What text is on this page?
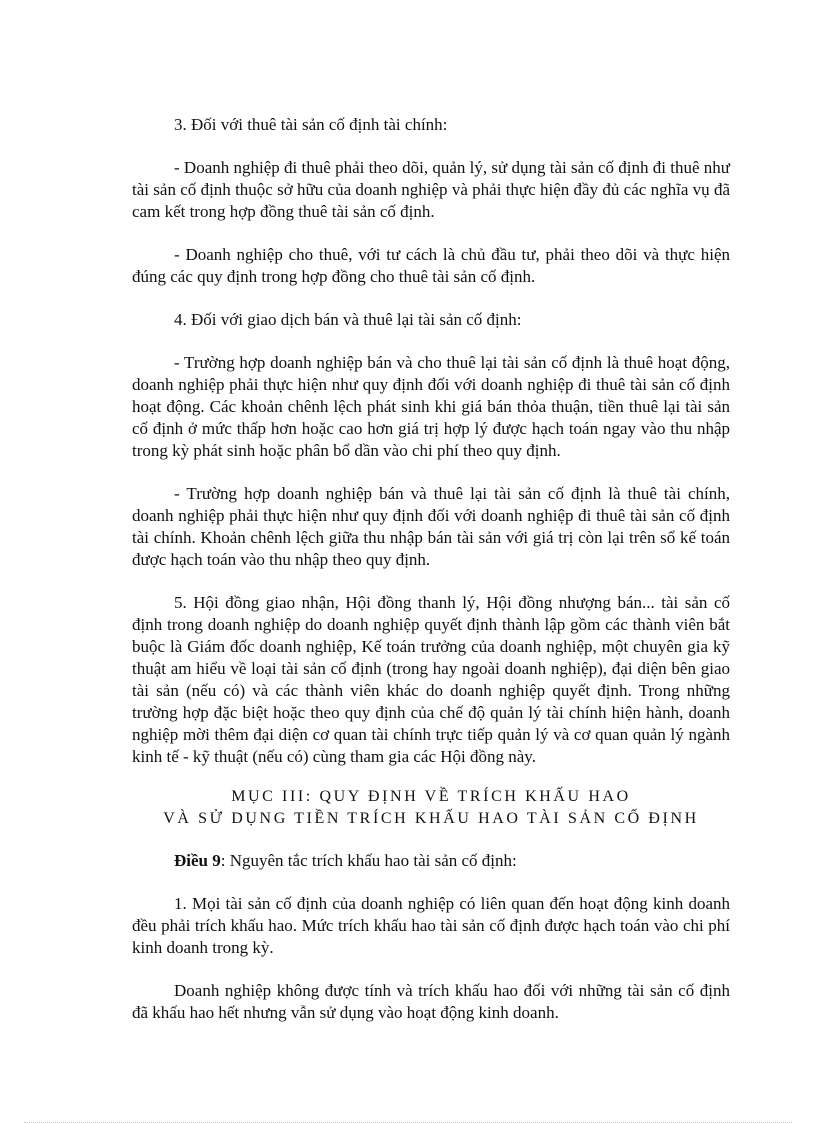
3. Đối với thuê tài sản cố định tài chính:

- Doanh nghiệp đi thuê phải theo dõi, quản lý, sử dụng tài sản cố định đi thuê như tài sản cố định thuộc sở hữu của doanh nghiệp và phải thực hiện đầy đủ các nghĩa vụ đã cam kết trong hợp đồng thuê tài sản cố định.

- Doanh nghiệp cho thuê, với tư cách là chủ đầu tư, phải theo dõi và thực hiện đúng các quy định trong hợp đồng cho thuê tài sản cố định.

4. Đối với giao dịch bán và thuê lại tài sản cố định:

- Trường hợp doanh nghiệp bán và cho thuê lại tài sản cố định là thuê hoạt động, doanh nghiệp phải thực hiện như quy định đối với doanh nghiệp đi thuê tài sản cố định hoạt động. Các khoản chênh lệch phát sinh khi giá bán thỏa thuận, tiền thuê lại tài sản cố định ở mức thấp hơn hoặc cao hơn giá trị hợp lý được hạch toán ngay vào thu nhập trong kỳ phát sinh hoặc phân bổ dần vào chi phí theo quy định.

- Trường hợp doanh nghiệp bán và thuê lại tài sản cố định là thuê tài chính, doanh nghiệp phải thực hiện như quy định đối với doanh nghiệp đi thuê tài sản cố định tài chính. Khoản chênh lệch giữa thu nhập bán tài sản với giá trị còn lại trên sổ kế toán được hạch toán vào thu nhập theo quy định.

5. Hội đồng giao nhận, Hội đồng thanh lý, Hội đồng nhượng bán... tài sản cố định trong doanh nghiệp do doanh nghiệp quyết định thành lập gồm các thành viên bắt buộc là Giám đốc doanh nghiệp, Kế toán trưởng của doanh nghiệp, một chuyên gia kỹ thuật am hiểu về loại tài sản cố định (trong hay ngoài doanh nghiệp), đại diện bên giao tài sản (nếu có) và các thành viên khác do doanh nghiệp quyết định. Trong những trường hợp đặc biệt hoặc theo quy định của chế độ quản lý tài chính hiện hành, doanh nghiệp mời thêm đại diện cơ quan tài chính trực tiếp quản lý và cơ quan quản lý ngành kinh tế - kỹ thuật (nếu có) cùng tham gia các Hội đồng này.

MỤC III: QUY ĐỊNH VỀ TRÍCH KHẤU HAO
VÀ SỬ DỤNG TIỀN TRÍCH KHẤU HAO TÀI SẢN CỐ ĐỊNH

Điều 9: Nguyên tắc trích khấu hao tài sản cố định:

1. Mọi tài sản cố định của doanh nghiệp có liên quan đến hoạt động kinh doanh đều phải trích khấu hao. Mức trích khấu hao tài sản cố định được hạch toán vào chi phí kinh doanh trong kỳ.

Doanh nghiệp không được tính và trích khấu hao đối với những tài sản cố định đã khấu hao hết nhưng vẫn sử dụng vào hoạt động kinh doanh.
